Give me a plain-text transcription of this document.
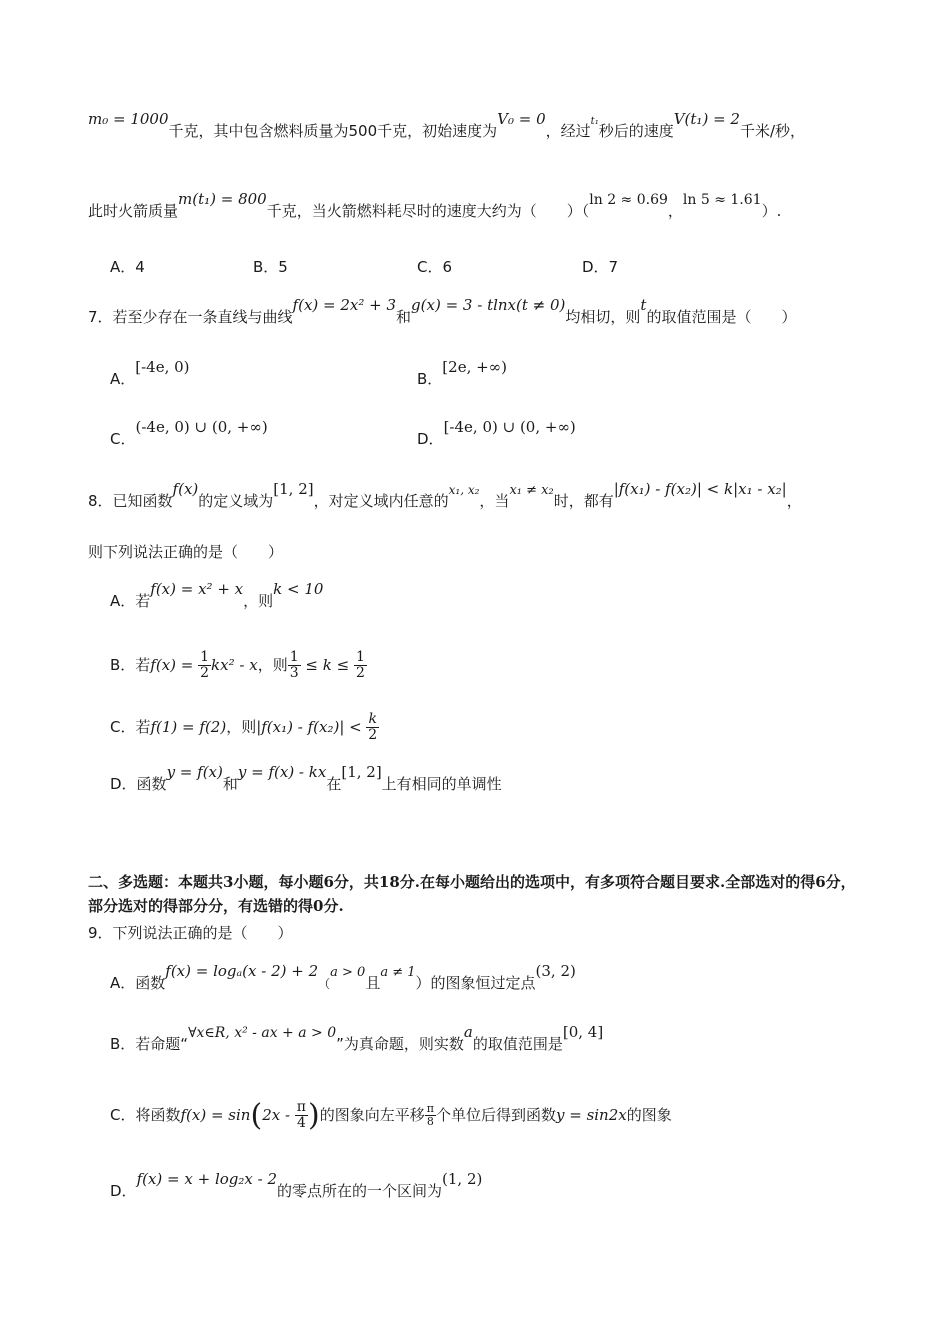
m₀ = 1000千克，其中包含燃料质量为500千克，初始速度为V₀ = 0，经过$^{t_1}$秒后的速度V(t₁) = 2千米/秒，
此时火箭质量m(t₁) = 800千克，当火箭燃料耗尽时的速度大约为（　　）（ln 2 ≈ 0.69，ln 5 ≈ 1.61）.
A．4	B．5	C．6	D．7
7．若至少存在一条直线与曲线f(x) = 2x² + 3和g(x) = 3 - tlnx(t ≠ 0)均相切，则t的取值范围是（　　）
A．[-4e, 0)
B．[2e, +∞)
C．(-4e, 0) ∪ (0, +∞)
D．[-4e, 0) ∪ (0, +∞)
8．已知函数f(x)的定义域为[1, 2]，对定义域内任意的$^{x_1, x_2}$，当x₁ ≠ x₂时，都有|f(x₁) - f(x₂)| < k|x₁ - x₂|，
则下列说法正确的是（　　）
A．若f(x) = x² + x，则k < 10
B．若$f(x) = \frac{1}{2} kx^2 - x$，则 $\frac{1}{3} \le k \le \frac{1}{2}$
C．若f(1) = f(2)，则$|f(x_1) - f(x_2)| < \frac{k}{2}$
D．函数y = f(x)和y = f(x) - kx在[1, 2]上有相同的单调性
二、多选题：本题共3小题，每小题6分，共18分.在每小题给出的选项中，有多项符合题目要求.全部选对的得6分，部分选对的得部分分，有选错的得0分.
9．下列说法正确的是（　　）
A．函数f(x) = logₐ(x - 2) + 2（a > 0且a ≠ 1）的图象恒过定点(3, 2)
B．若命题“∀x∈R, x² - ax + a > 0”为真命题，则实数a的取值范围是[0, 4]
C．将函数$f(x) = \sin(2x - \frac{\pi}{4}$ )的图象向左平移 $\frac{\pi}{8}$ 个单位后得到函数y = sin2x的图象
D．f(x) = x + log₂x - 2的零点所在的一个区间为(1, 2)
